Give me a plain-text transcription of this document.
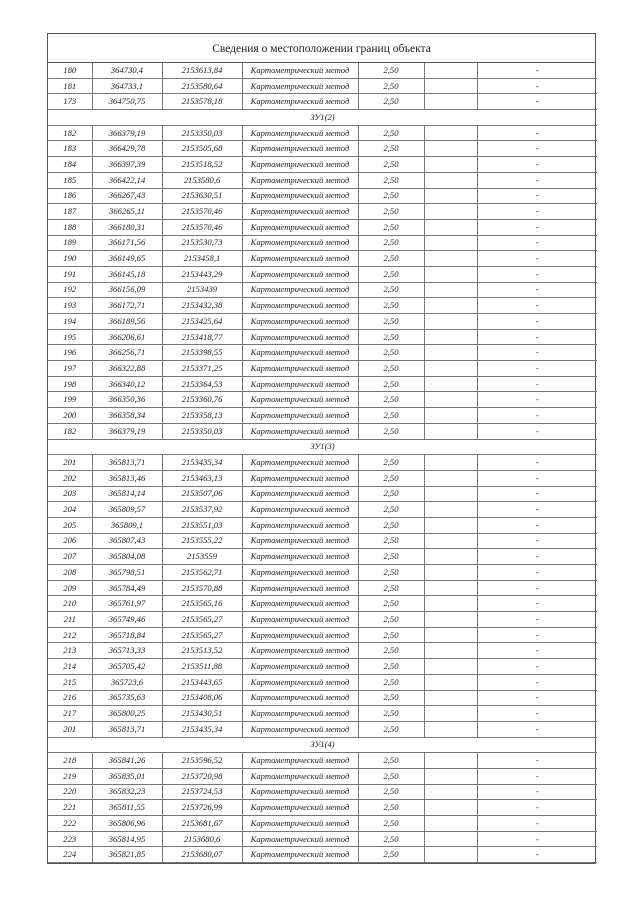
Сведения о местоположении границ объекта
180	364730,4	2153613,84	Картометрический метод	2,50		-
181	364733,1	2153580,64	Картометрический метод	2,50		-
173	364750,75	2153578,18	Картометрический метод	2,50		-
ЗУ1(2)						
182	366379,19	2153350,03	Картометрический метод	2,50		-
183	366429,78	2153505,68	Картометрический метод	2,50		-
184	366397,39	2153518,52	Картометрический метод	2,50		-
185	366422,14	2153580,6	Картометрический метод	2,50		-
186	366267,43	2153630,51	Картометрический метод	2,50		-
187	366265,11	2153570,46	Картометрический метод	2,50		-
188	366180,31	2153570,46	Картометрический метод	2,50		-
189	366171,56	2153530,73	Картометрический метод	2,50		-
190	366149,65	2153458,1	Картометрический метод	2,50		-
191	366145,18	2153443,29	Картометрический метод	2,50		-
192	366156,09	2153439	Картометрический метод	2,50		-
193	366172,71	2153432,38	Картометрический метод	2,50		-
194	366189,56	2153425,64	Картометрический метод	2,50		-
195	366206,61	2153418,77	Картометрический метод	2,50		-
196	366256,71	2153398,55	Картометрический метод	2,50		-
197	366322,88	2153371,25	Картометрический метод	2,50		-
198	366340,12	2153364,53	Картометрический метод	2,50		-
199	366350,36	2153360,76	Картометрический метод	2,50		-
200	366358,34	2153358,13	Картометрический метод	2,50		-
182	366379,19	2153350,03	Картометрический метод	2,50		-
ЗУ1(3)						
201	365813,71	2153435,34	Картометрический метод	2,50		-
202	365813,46	2153463,13	Картометрический метод	2,50		-
203	365814,14	2153507,06	Картометрический метод	2,50		-
204	365809,57	2153537,92	Картометрический метод	2,50		-
205	365809,1	2153551,03	Картометрический метод	2,50		-
206	365807,43	2153555,22	Картометрический метод	2,50		-
207	365804,08	2153559	Картометрический метод	2,50		-
208	365798,51	2153562,71	Картометрический метод	2,50		-
209	365784,49	2153570,88	Картометрический метод	2,50		-
210	365761,97	2153565,16	Картометрический метод	2,50		-
211	365749,46	2153565,27	Картометрический метод	2,50		-
212	365718,84	2153565,27	Картометрический метод	2,50		-
213	365713,33	2153513,52	Картометрический метод	2,50		-
214	365705,42	2153511,88	Картометрический метод	2,50		-
215	365723,6	2153443,65	Картометрический метод	2,50		-
216	365735,63	2153408,06	Картометрический метод	2,50		-
217	365800,25	2153430,51	Картометрический метод	2,50		-
201	365813,71	2153435,34	Картометрический метод	2,50		-
ЗУ1(4)						
218	365841,26	2153596,52	Картометрический метод	2,50		-
219	365835,01	2153720,98	Картометрический метод	2,50		-
220	365832,23	2153724,53	Картометрический метод	2,50		-
221	365811,55	2153726,99	Картометрический метод	2,50		-
222	365806,96	2153681,67	Картометрический метод	2,50		-
223	365814,95	2153680,6	Картометрический метод	2,50		-
224	365821,85	2153680,07	Картометрический метод	2,50		-
